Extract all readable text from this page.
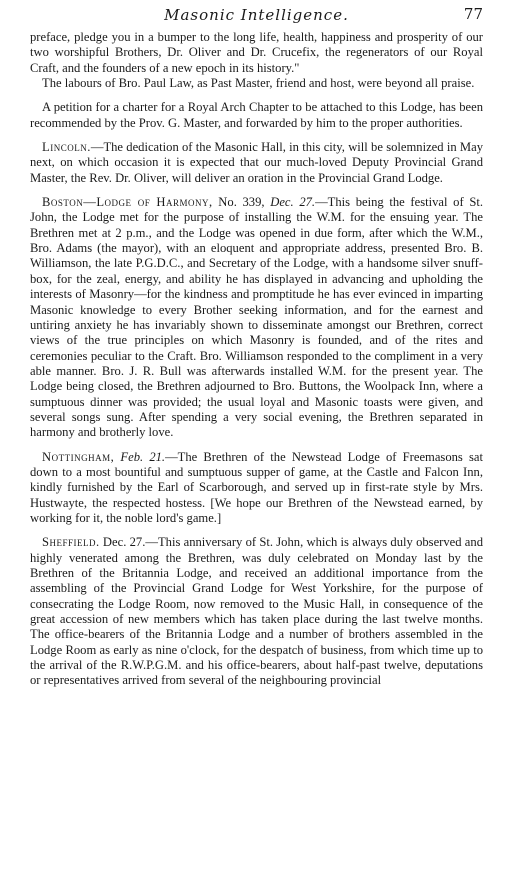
Masonic Intelligence.	77

preface, pledge you in a bumper to the long life, health, happiness and prosperity of our two worshipful Brothers, Dr. Oliver and Dr. Crucefix, the regenerators of our Royal Craft, and the founders of a new epoch in its history."

The labours of Bro. Paul Law, as Past Master, friend and host, were beyond all praise.

A petition for a charter for a Royal Arch Chapter to be attached to this Lodge, has been recommended by the Prov. G. Master, and forwarded by him to the proper authorities.

Lincoln.—The dedication of the Masonic Hall, in this city, will be solemnized in May next, on which occasion it is expected that our much-loved Deputy Provincial Grand Master, the Rev. Dr. Oliver, will deliver an oration in the Provincial Grand Lodge.

Boston—Lodge of Harmony, No. 339, Dec. 27.—This being the festival of St. John, the Lodge met for the purpose of installing the W.M. for the ensuing year. The Brethren met at 2 p.m., and the Lodge was opened in due form, after which the W.M., Bro. Adams (the mayor), with an eloquent and appropriate address, presented Bro. B. Williamson, the late P.G.D.C., and Secretary of the Lodge, with a handsome silver snuff-box, for the zeal, energy, and ability he has displayed in advancing and upholding the interests of Masonry—for the kindness and promptitude he has ever evinced in imparting Masonic knowledge to every Brother seeking information, and for the earnest and untiring anxiety he has invariably shown to disseminate amongst our Brethren, correct views of the true principles on which Masonry is founded, and of the rites and ceremonies peculiar to the Craft. Bro. Williamson responded to the compliment in a very able manner. Bro. J. R. Bull was afterwards installed W.M. for the present year. The Lodge being closed, the Brethren adjourned to Bro. Buttons, the Woolpack Inn, where a sumptuous dinner was provided; the usual loyal and Masonic toasts were given, and several songs sung. After spending a very social evening, the Brethren separated in harmony and brotherly love.

Nottingham, Feb. 21.—The Brethren of the Newstead Lodge of Freemasons sat down to a most bountiful and sumptuous supper of game, at the Castle and Falcon Inn, kindly furnished by the Earl of Scarborough, and served up in first-rate style by Mrs. Hustwayte, the respected hostess. [We hope our Brethren of the Newstead earned, by working for it, the noble lord's game.]

Sheffield. Dec. 27.—This anniversary of St. John, which is always duly observed and highly venerated among the Brethren, was duly celebrated on Monday last by the Brethren of the Britannia Lodge, and received an additional importance from the assembling of the Provincial Grand Lodge for West Yorkshire, for the purpose of consecrating the Lodge Room, now removed to the Music Hall, in consequence of the great accession of new members which has taken place during the last twelve months. The office-bearers of the Britannia Lodge and a number of brothers assembled in the Lodge Room as early as nine o'clock, for the despatch of business, from which time up to the arrival of the R.W.P.G.M. and his office-bearers, about half-past twelve, deputations or representatives arrived from several of the neighbouring provincial
